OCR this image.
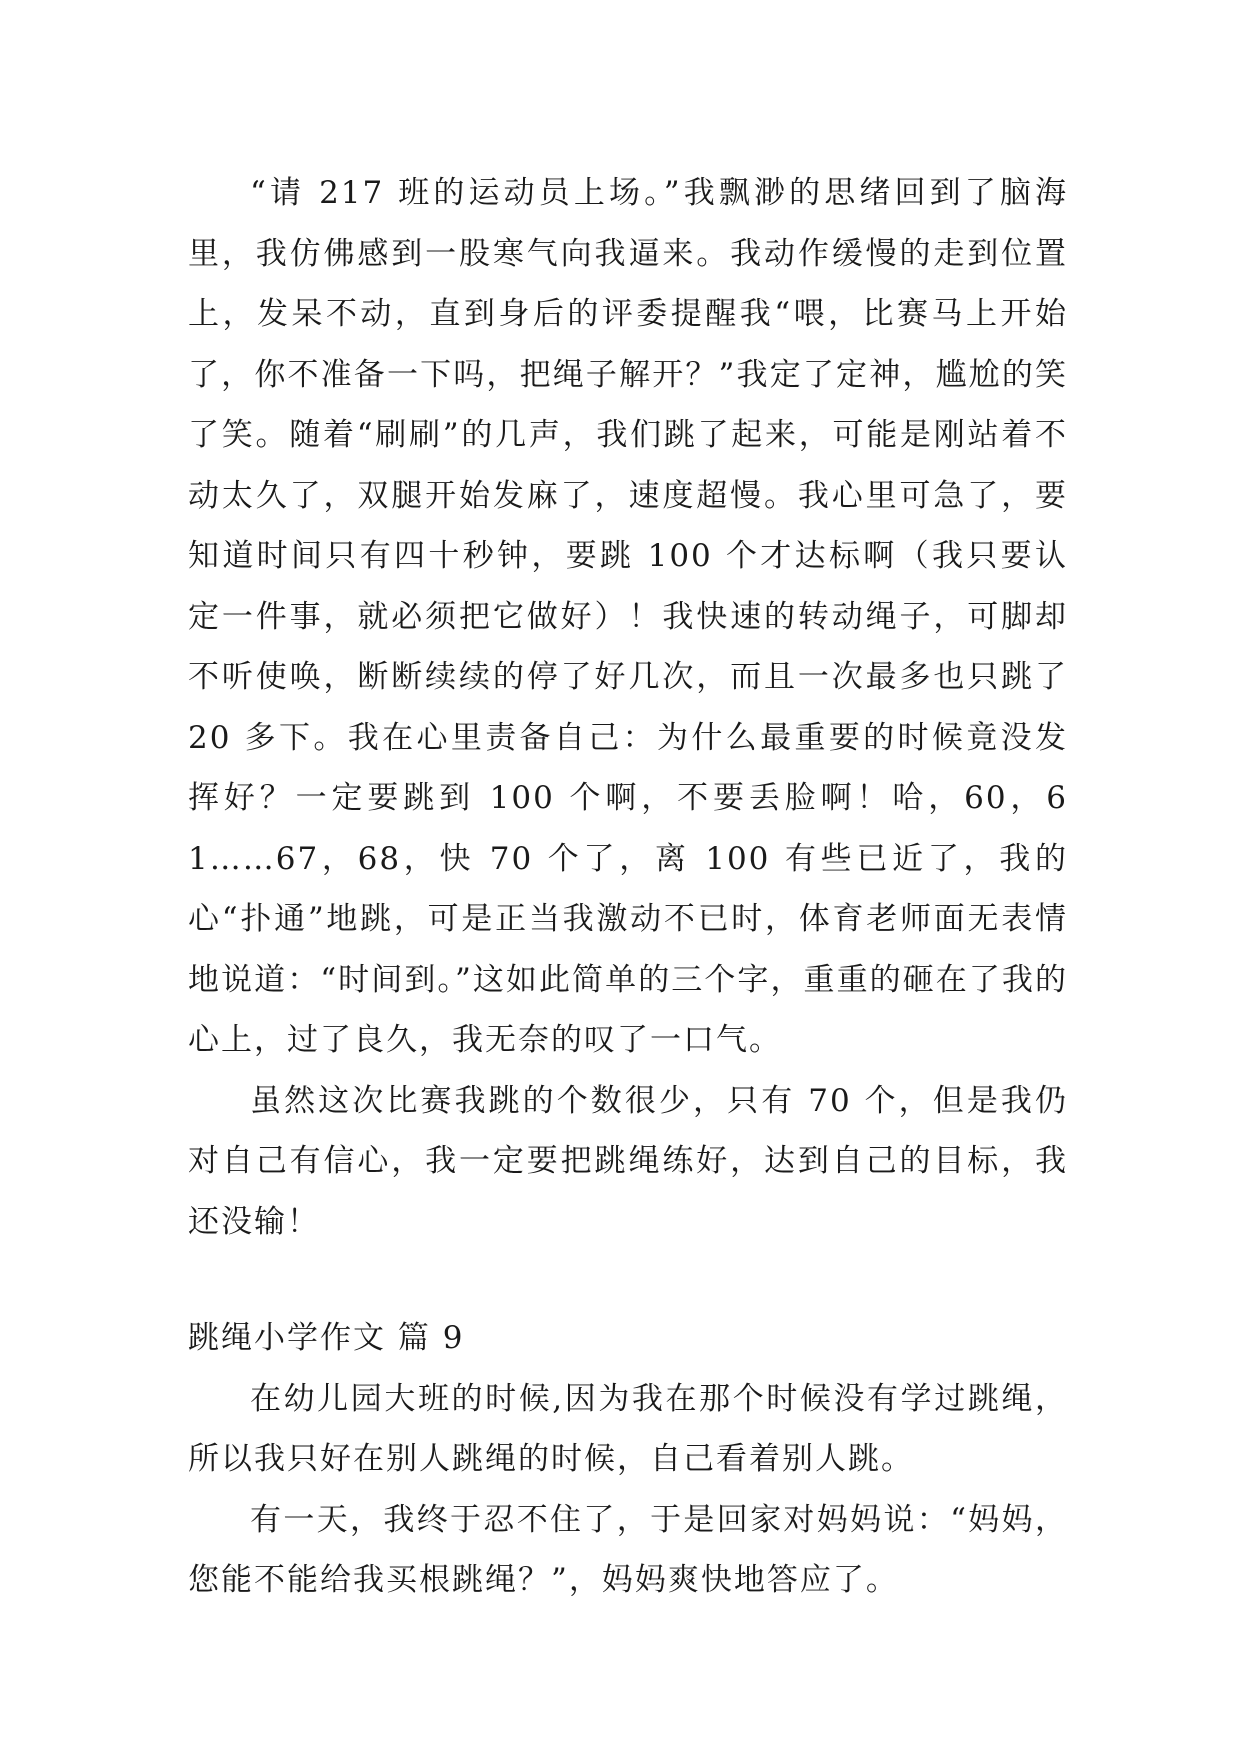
“请 217 班的运动员上场。”我飘渺的思绪回到了脑海里，我仿佛感到一股寒气向我逼来。我动作缓慢的走到位置上，发呆不动，直到身后的评委提醒我“喂，比赛马上开始了，你不准备一下吗，把绳子解开？”我定了定神，尴尬的笑了笑。随着“刷刷”的几声，我们跳了起来，可能是刚站着不动太久了，双腿开始发麻了，速度超慢。我心里可急了，要知道时间只有四十秒钟，要跳 100 个才达标啊（我只要认定一件事，就必须把它做好）！我快速的转动绳子，可脚却不听使唤，断断续续的停了好几次，而且一次最多也只跳了 20 多下。我在心里责备自己：为什么最重要的时候竟没发挥好？一定要跳到 100 个啊，不要丢脸啊！哈，60，61……67，68，快 70 个了，离 100 有些已近了，我的心“扑通”地跳，可是正当我激动不已时，体育老师面无表情地说道：“时间到。”这如此简单的三个字，重重的砸在了我的心上，过了良久，我无奈的叹了一口气。

虽然这次比赛我跳的个数很少，只有 70 个，但是我仍对自己有信心，我一定要把跳绳练好，达到自己的目标，我还没输！

跳绳小学作文 篇 9

在幼儿园大班的时候,因为我在那个时候没有学过跳绳，所以我只好在别人跳绳的时候，自己看着别人跳。

有一天，我终于忍不住了，于是回家对妈妈说：“妈妈，您能不能给我买根跳绳？”，妈妈爽快地答应了。
